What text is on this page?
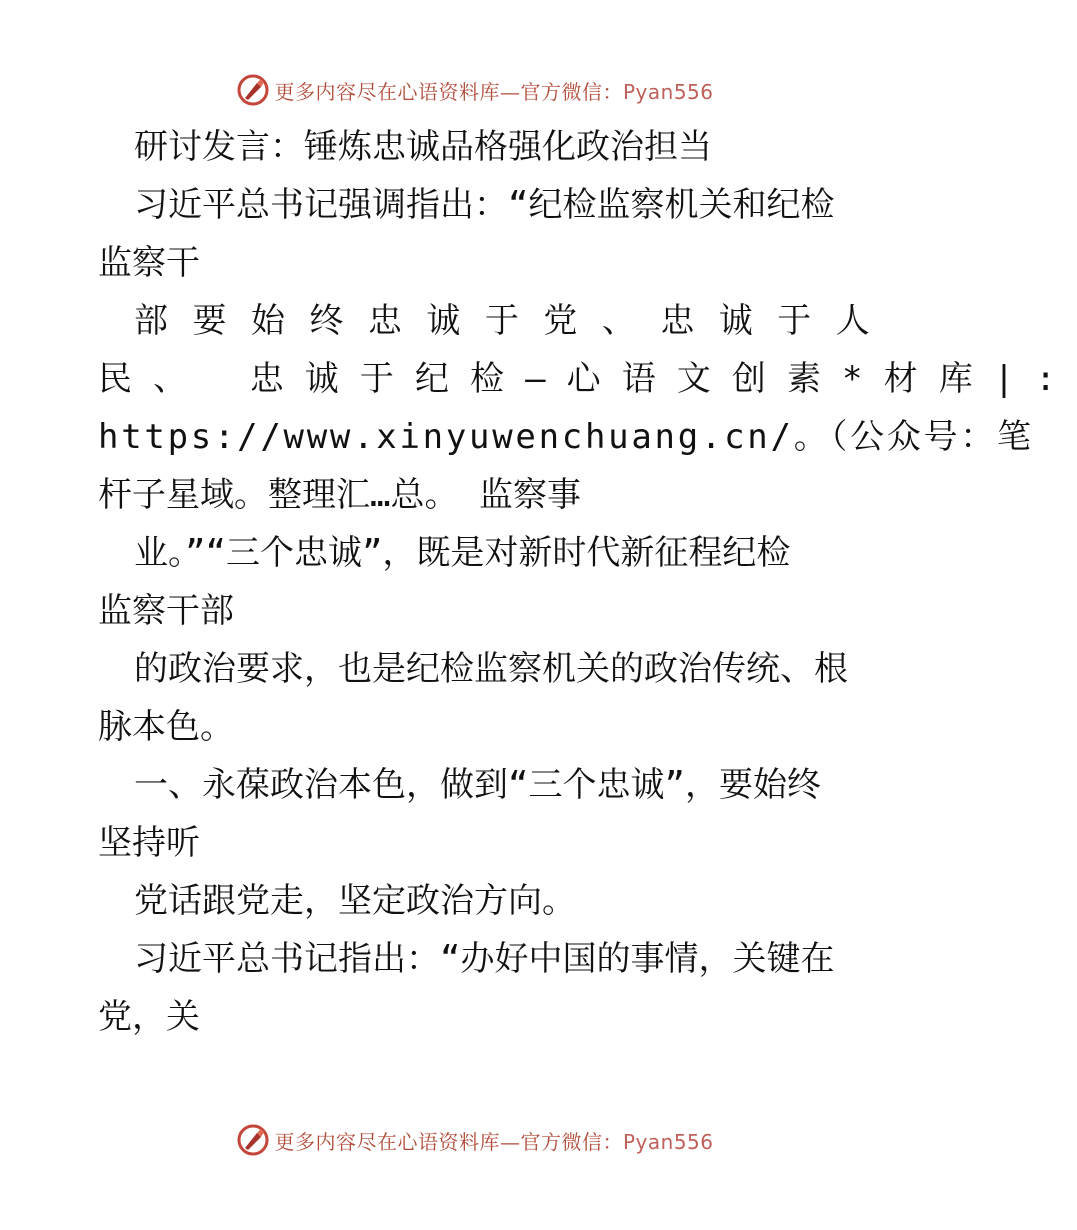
更多内容尽在心语资料库—官方微信：Pyan556
研讨发言：锤炼忠诚品格强化政治担当
习近平总书记强调指出：“纪检监察机关和纪检
监察干
部要始终忠诚于党、忠诚于人
民、 忠诚于纪检—心语文创素*材库|:
https://www.xinyuwenchuang.cn/。（公众号：笔
杆子星域。整理汇…总。 监察事
业。”“三个忠诚”，既是对新时代新征程纪检
监察干部
的政治要求，也是纪检监察机关的政治传统、根
脉本色。
一、永葆政治本色，做到“三个忠诚”，要始终
坚持听
党话跟党走，坚定政治方向。
习近平总书记指出：“办好中国的事情，关键在
党，关
更多内容尽在心语资料库—官方微信：Pyan556
